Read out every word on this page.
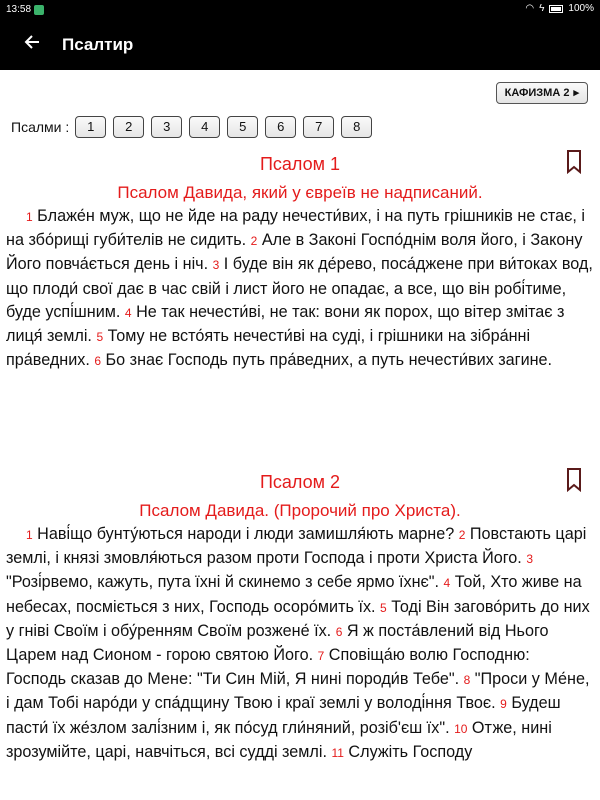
13:58	◠ ϟ 100%
Псалтир
КАФИЗМА 2 ▸
Псалми :	1	2	3	4	5	6	7	8
Псалом 1
Псалом Давида, який у євреїв не надписаний.
1 Блаже́н муж, що не йде на раду нечести́вих, і на путь грішників не стає, і на збо́рищі губи́телів не сидить. 2 Але в Законі Госпо́днім воля його, і Закону Його повча́ється день і ніч. 3 І буде він як де́рево, поса́джене при ви́токах вод, що плоди́ свої дає в час свій і лист його не опадає, а все, що він робі́тиме, буде успі́шним. 4 Не так нечести́ві, не так: вони як порох, що вітер змітає з лиця́ землі. 5 Тому не всто́ять нечести́ві на суді, і грішники на зібра́нні пра́ведних. 6 Бо знає Господь путь пра́ведних, а путь нечести́вих загине.
Псалом 2
Псалом Давида. (Пророчий про Христа).
1 Наві́що бунту́ються народи і люди замишля́ють марне? 2 Повстають царі землі, і князі змовля́ються разом проти Господа і проти Христа Його. 3 "Розі́рвемо, кажуть, пута їхні й скинемо з себе ярмо їхнє". 4 Той, Хто живе на небесах, посміється з них, Господь осоро́мить їх. 5 Тоді Він загово́рить до них у гніві Своїм і обу́ренням Своїм розжене́ їх. 6 Я ж поста́влений від Нього Царем над Сионом - горою святою Його. 7 Сповіща́ю волю Господню: Господь сказав до Мене: "Ти Син Мій, Я нині породи́в Тебе". 8 "Проси у Ме́не, і дам Тобі наро́ди у спа́дщину Твою і краї землі у володі́ння Твоє. 9 Будеш пасти́ їх же́злом залі́зним і, як по́суд гли́няний, розіб'єш їх". 10 Отже, нині зрозумійте, царі, навчіться, всі судді землі. 11 Служіть Господу
